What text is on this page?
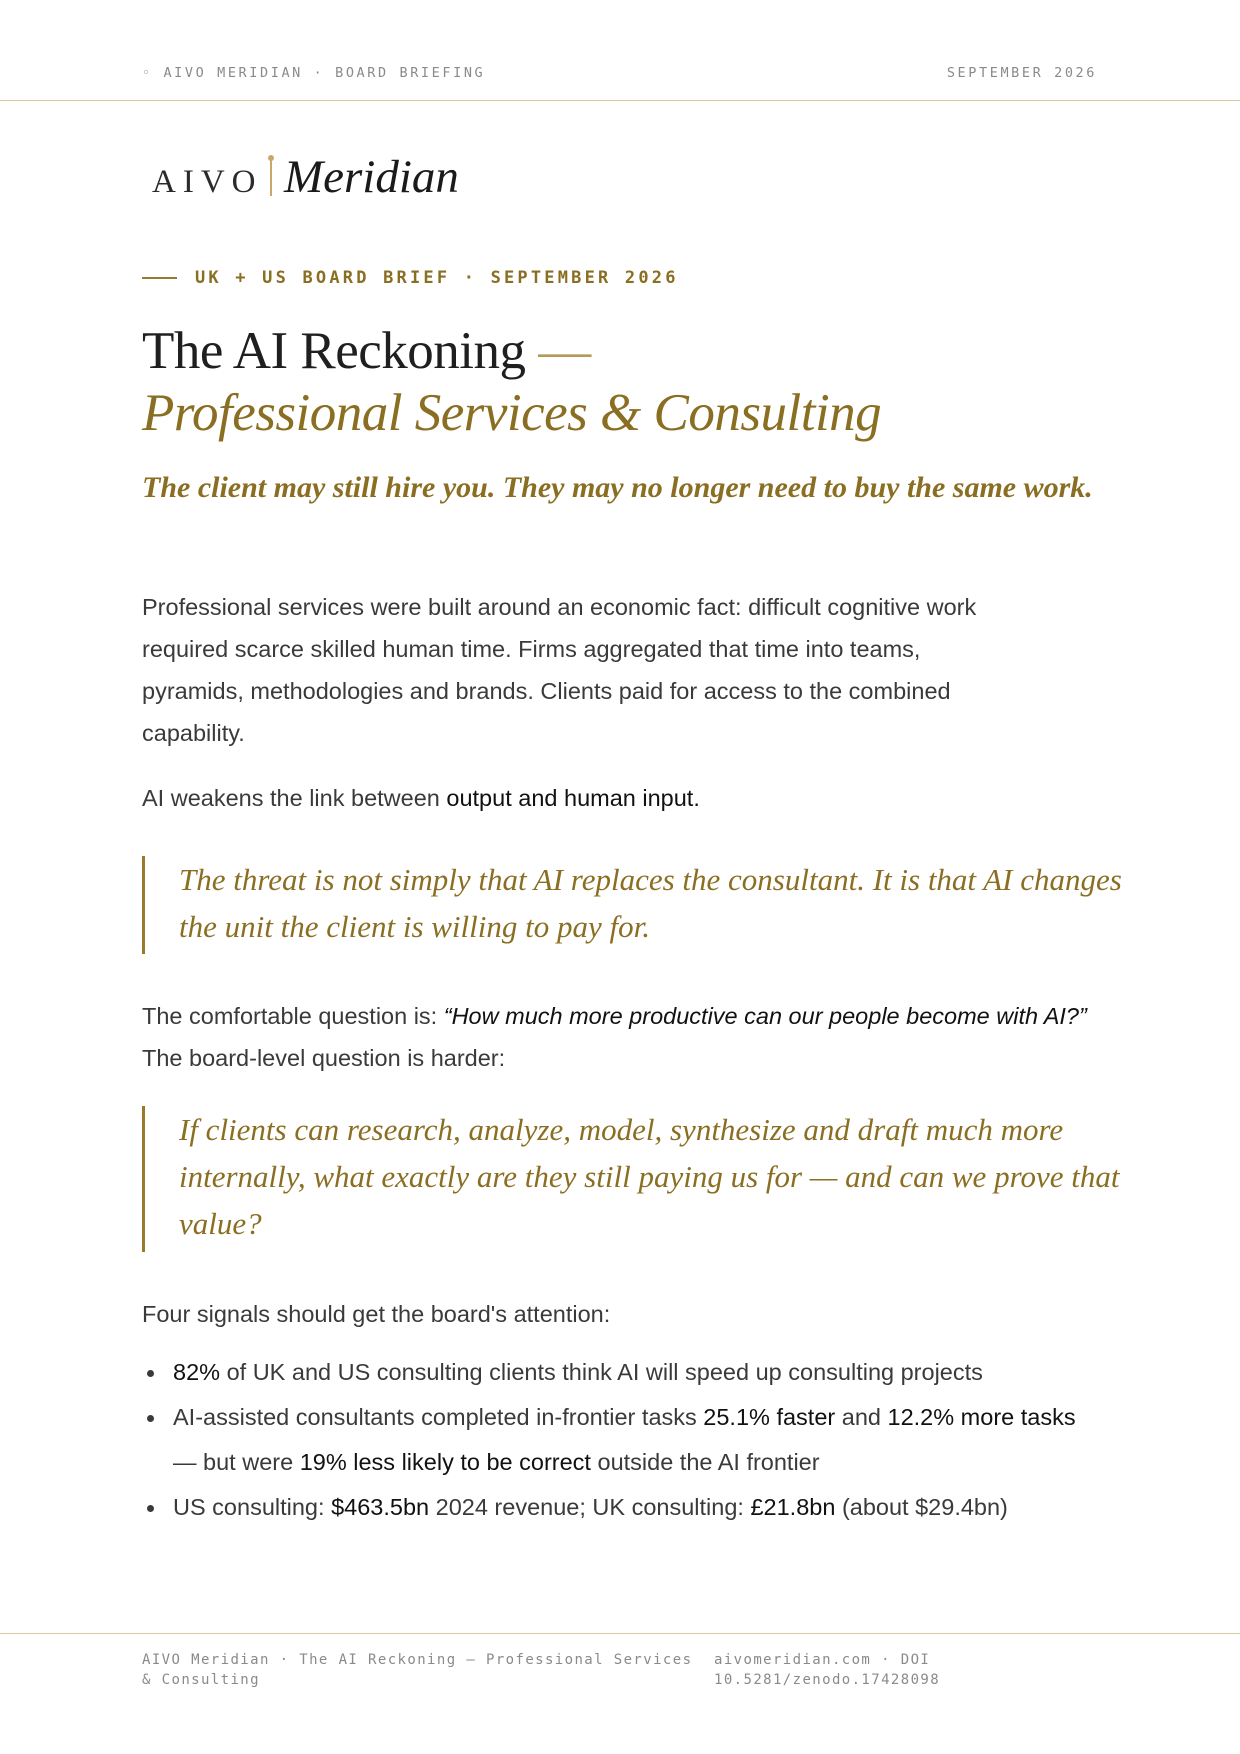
◦ AIVO MERIDIAN · BOARD BRIEFING	SEPTEMBER 2026
AIVO Meridian
UK + US BOARD BRIEF · SEPTEMBER 2026
The AI Reckoning —
Professional Services & Consulting
The client may still hire you. They may no longer need to buy the same work.

Professional services were built around an economic fact: difficult cognitive work required scarce skilled human time. Firms aggregated that time into teams, pyramids, methodologies and brands. Clients paid for access to the combined capability.

AI weakens the link between output and human input.

The threat is not simply that AI replaces the consultant. It is that AI changes the unit the client is willing to pay for.

The comfortable question is: “How much more productive can our people become with AI?” The board-level question is harder:

If clients can research, analyze, model, synthesize and draft much more internally, what exactly are they still paying us for — and can we prove that value?

Four signals should get the board's attention:

82% of UK and US consulting clients think AI will speed up consulting projects
AI-assisted consultants completed in-frontier tasks 25.1% faster and 12.2% more tasks — but were 19% less likely to be correct outside the AI frontier
US consulting: $463.5bn 2024 revenue; UK consulting: £21.8bn (about $29.4bn)
AIVO Meridian · The AI Reckoning — Professional Services & Consulting
aivomeridian.com · DOI 10.5281/zenodo.17428098
